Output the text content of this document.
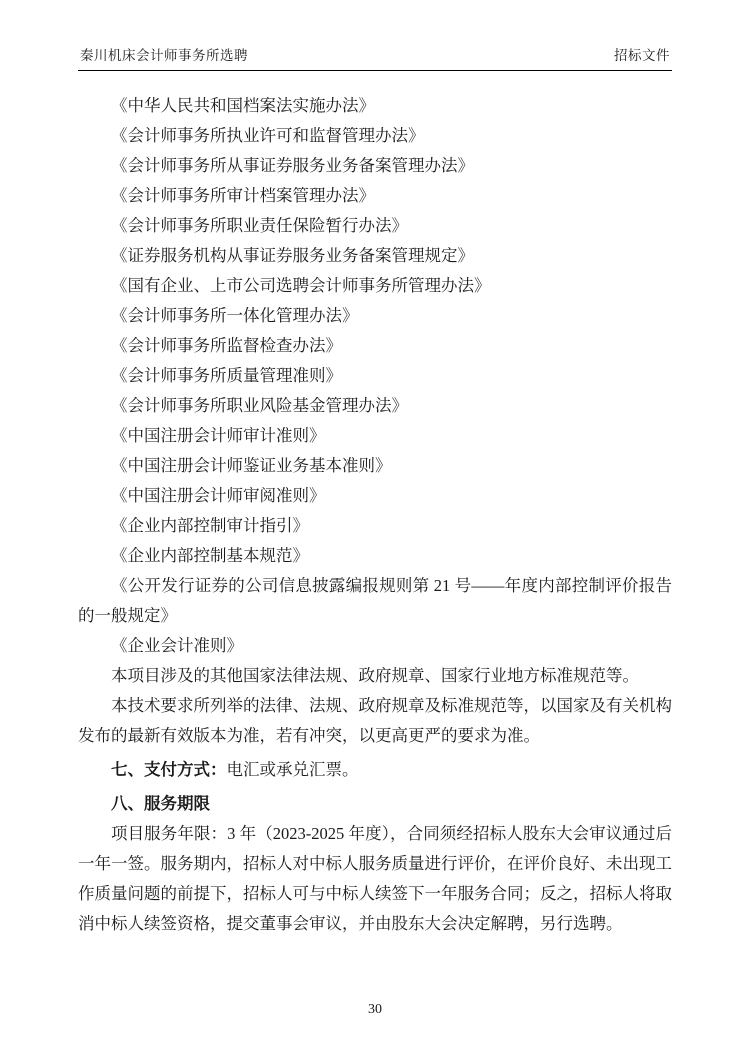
秦川机床会计师事务所选聘	招标文件

《中华人民共和国档案法实施办法》

《会计师事务所执业许可和监督管理办法》

《会计师事务所从事证券服务业务备案管理办法》

《会计师事务所审计档案管理办法》

《会计师事务所职业责任保险暂行办法》

《证券服务机构从事证券服务业务备案管理规定》

《国有企业、上市公司选聘会计师事务所管理办法》

《会计师事务所一体化管理办法》

《会计师事务所监督检查办法》

《会计师事务所质量管理准则》

《会计师事务所职业风险基金管理办法》

《中国注册会计师审计准则》

《中国注册会计师鉴证业务基本准则》

《中国注册会计师审阅准则》

《企业内部控制审计指引》

《企业内部控制基本规范》

《公开发行证券的公司信息披露编报规则第 21 号——年度内部控制评价报告的一般规定》

《企业会计准则》

本项目涉及的其他国家法律法规、政府规章、国家行业地方标准规范等。

本技术要求所列举的法律、法规、政府规章及标准规范等，以国家及有关机构发布的最新有效版本为准，若有冲突，以更高更严的要求为准。

七、支付方式：电汇或承兑汇票。

八、服务期限

项目服务年限：3 年（2023-2025 年度），合同须经招标人股东大会审议通过后一年一签。服务期内，招标人对中标人服务质量进行评价，在评价良好、未出现工作质量问题的前提下，招标人可与中标人续签下一年服务合同；反之，招标人将取消中标人续签资格，提交董事会审议，并由股东大会决定解聘，另行选聘。

30
